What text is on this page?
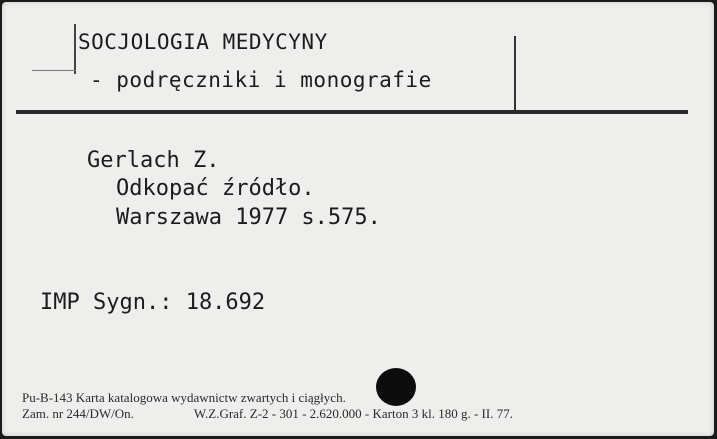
SOCJOLOGIA MEDYCYNY
- podręczniki i monografie
Gerlach Z.
Odkopać źródło.
Warszawa 1977 s.575.
IMP Sygn.: 18.692
Pu-B-143 Karta katalogowa wydawnictw zwartych i ciągłych.
Zam. nr 244/DW/On.	W.Z.Graf. Z-2 - 301 - 2.620.000 - Karton 3 kl. 180 g. - II. 77.
